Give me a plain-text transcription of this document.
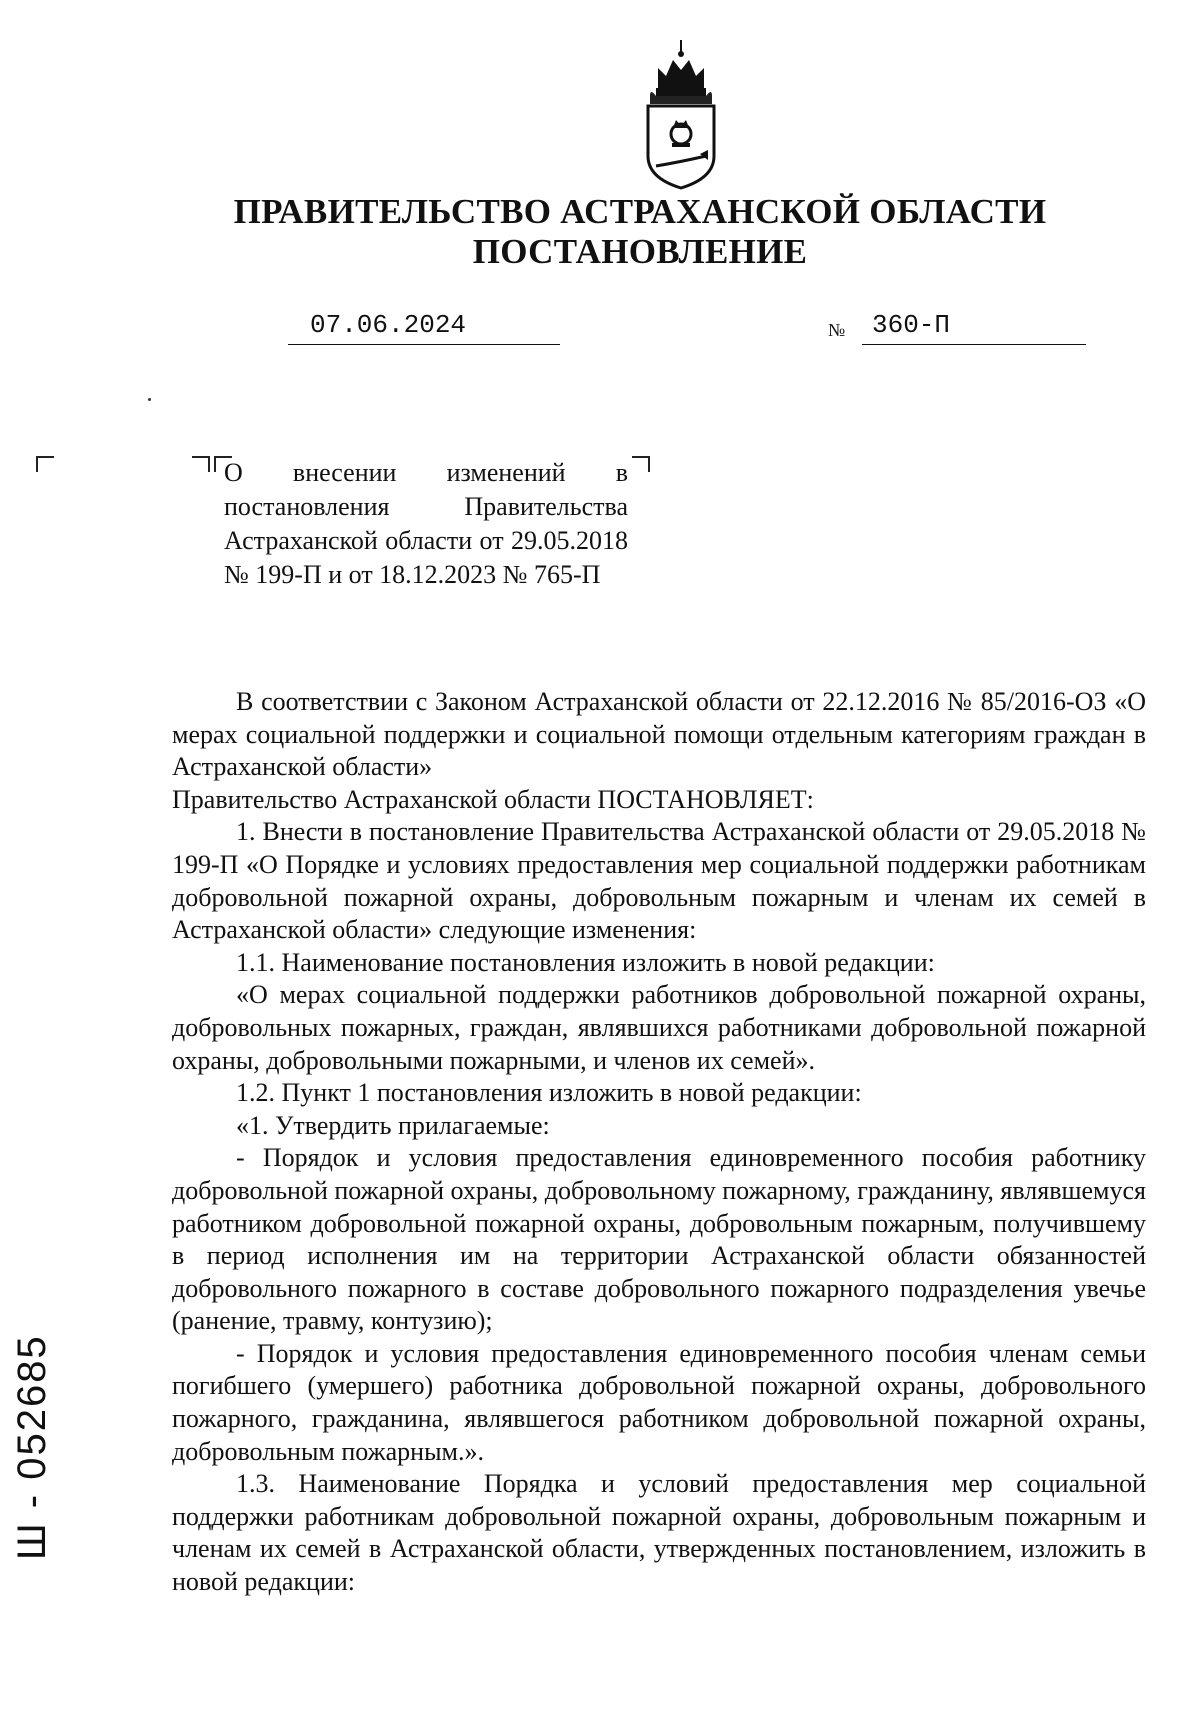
ПРАВИТЕЛЬСТВО АСТРАХАНСКОЙ ОБЛАСТИ
ПОСТАНОВЛЕНИЕ
07.06.2024	№ 360-П
О внесении изменений в постановления Правительства Астраханской области от 29.05.2018 № 199-П и от 18.12.2023 № 765-П

В соответствии с Законом Астраханской области от 22.12.2016 № 85/2016-ОЗ «О мерах социальной поддержки и социальной помощи отдельным категориям граждан в Астраханской области»

Правительство Астраханской области ПОСТАНОВЛЯЕТ:

1. Внести в постановление Правительства Астраханской области от 29.05.2018 № 199-П «О Порядке и условиях предоставления мер социальной поддержки работникам добровольной пожарной охраны, добровольным пожарным и членам их семей в Астраханской области» следующие изменения:

1.1. Наименование постановления изложить в новой редакции:

«О мерах социальной поддержки работников добровольной пожарной охраны, добровольных пожарных, граждан, являвшихся работниками добровольной пожарной охраны, добровольными пожарными, и членов их семей».

1.2. Пункт 1 постановления изложить в новой редакции:

«1. Утвердить прилагаемые:

- Порядок и условия предоставления единовременного пособия работнику добровольной пожарной охраны, добровольному пожарному, гражданину, являвшемуся работником добровольной пожарной охраны, добровольным пожарным, получившему в период исполнения им на территории Астраханской области обязанностей добровольного пожарного в составе добровольного пожарного подразделения увечье (ранение, травму, контузию);

- Порядок и условия предоставления единовременного пособия членам семьи погибшего (умершего) работника добровольной пожарной охраны, добровольного пожарного, гражданина, являвшегося работником добровольной пожарной охраны, добровольным пожарным.».

1.3. Наименование Порядка и условий предоставления мер социальной поддержки работникам добровольной пожарной охраны, добровольным пожарным и членам их семей в Астраханской области, утвержденных постановлением, изложить в новой редакции:

Ш - 052685
